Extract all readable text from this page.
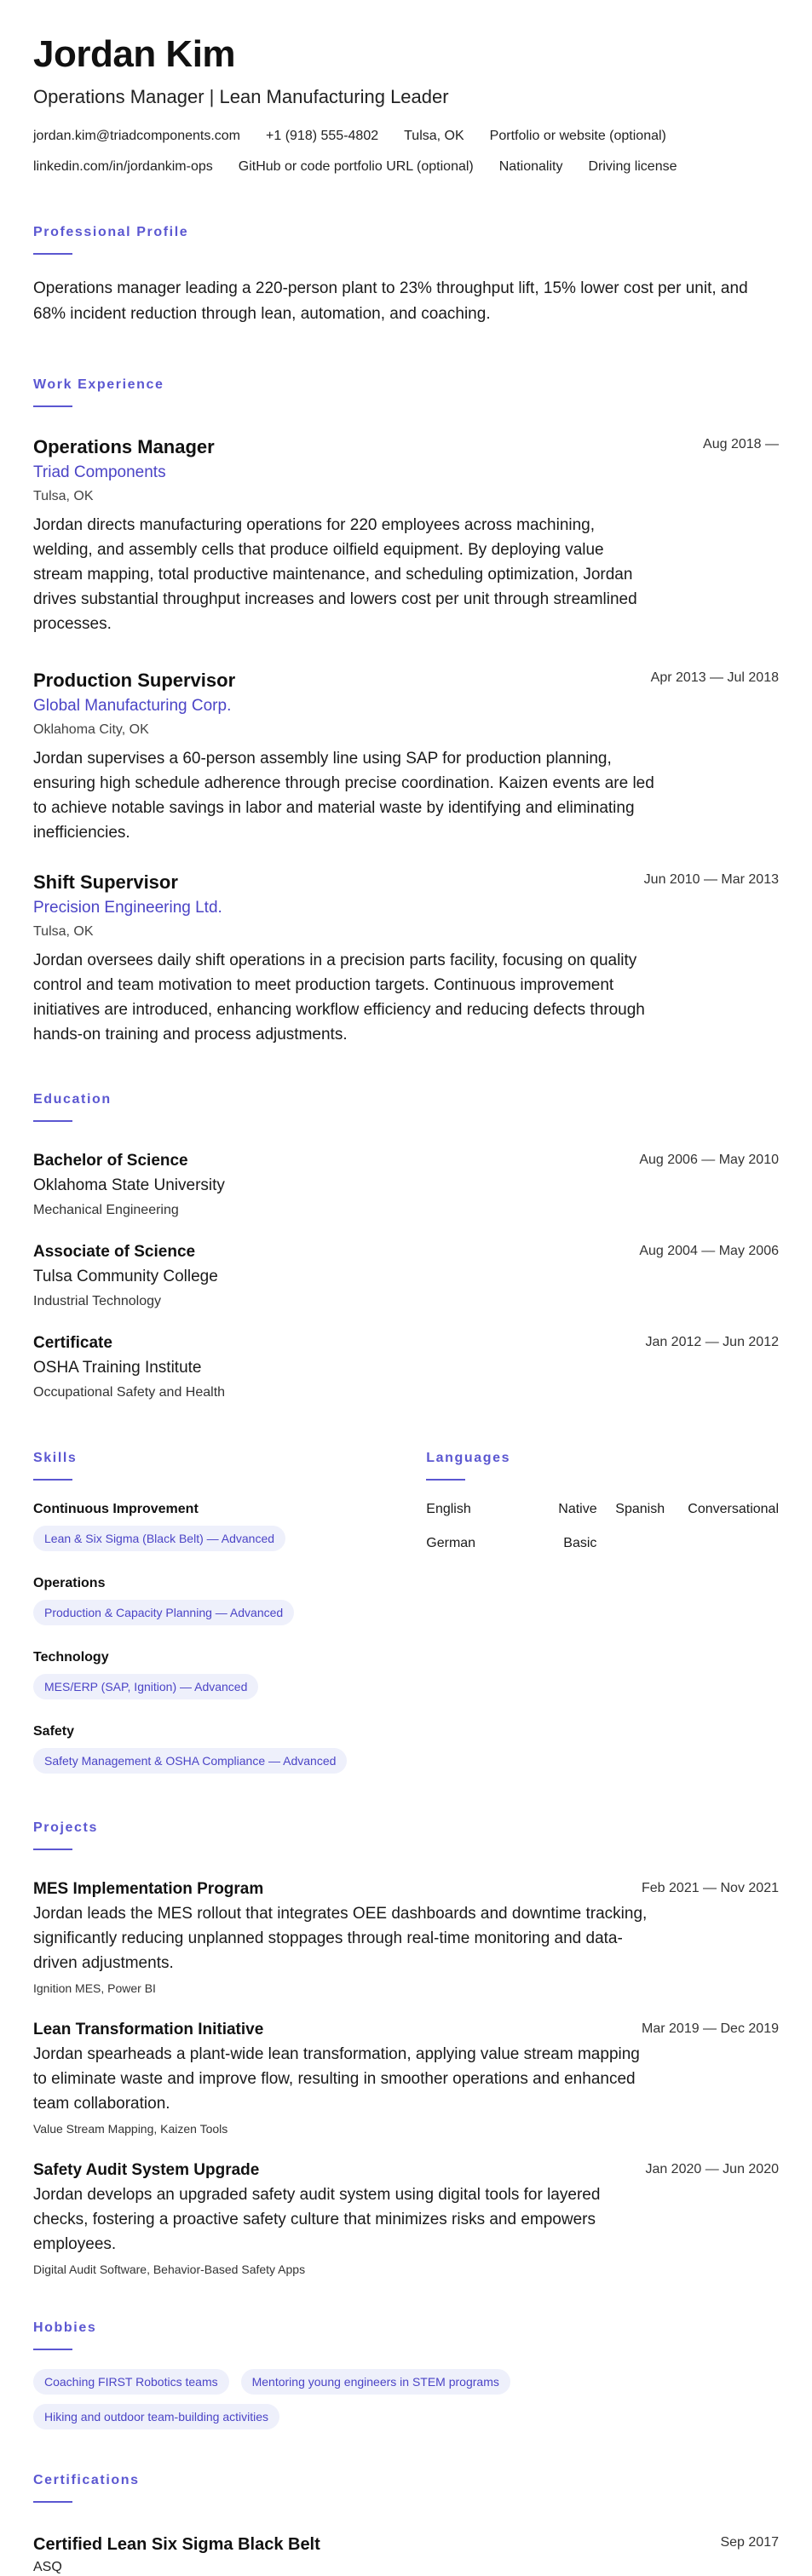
Jordan Kim
Operations Manager | Lean Manufacturing Leader
jordan.kim@triadcomponents.com +1 (918) 555-4802 Tulsa, OK Portfolio or website (optional)
linkedin.com/in/jordankim-ops GitHub or code portfolio URL (optional) Nationality Driving license
Professional Profile
Operations manager leading a 220-person plant to 23% throughput lift, 15% lower cost per unit, and 68% incident reduction through lean, automation, and coaching.
Work Experience
Operations Manager	Aug 2018 —
Triad Components
Tulsa, OK
Jordan directs manufacturing operations for 220 employees across machining, welding, and assembly cells that produce oilfield equipment. By deploying value stream mapping, total productive maintenance, and scheduling optimization, Jordan drives substantial throughput increases and lowers cost per unit through streamlined processes.
Production Supervisor	Apr 2013 — Jul 2018
Global Manufacturing Corp.
Oklahoma City, OK
Jordan supervises a 60-person assembly line using SAP for production planning, ensuring high schedule adherence through precise coordination. Kaizen events are led to achieve notable savings in labor and material waste by identifying and eliminating inefficiencies.
Shift Supervisor	Jun 2010 — Mar 2013
Precision Engineering Ltd.
Tulsa, OK
Jordan oversees daily shift operations in a precision parts facility, focusing on quality control and team motivation to meet production targets. Continuous improvement initiatives are introduced, enhancing workflow efficiency and reducing defects through hands-on training and process adjustments.
Education
Bachelor of Science	Aug 2006 — May 2010
Oklahoma State University
Mechanical Engineering
Associate of Science	Aug 2004 — May 2006
Tulsa Community College
Industrial Technology
Certificate	Jan 2012 — Jun 2012
OSHA Training Institute
Occupational Safety and Health
Skills
Continuous Improvement
Lean & Six Sigma (Black Belt) — Advanced
Operations
Production & Capacity Planning — Advanced
Technology
MES/ERP (SAP, Ignition) — Advanced
Safety
Safety Management & OSHA Compliance — Advanced
Languages
English	Native	Spanish	Conversational
German	Basic
Projects
MES Implementation Program	Feb 2021 — Nov 2021
Jordan leads the MES rollout that integrates OEE dashboards and downtime tracking, significantly reducing unplanned stoppages through real-time monitoring and data-driven adjustments.
Ignition MES, Power BI
Lean Transformation Initiative	Mar 2019 — Dec 2019
Jordan spearheads a plant-wide lean transformation, applying value stream mapping to eliminate waste and improve flow, resulting in smoother operations and enhanced team collaboration.
Value Stream Mapping, Kaizen Tools
Safety Audit System Upgrade	Jan 2020 — Jun 2020
Jordan develops an upgraded safety audit system using digital tools for layered checks, fostering a proactive safety culture that minimizes risks and empowers employees.
Digital Audit Software, Behavior-Based Safety Apps
Hobbies
Coaching FIRST Robotics teams	Mentoring young engineers in STEM programs
Hiking and outdoor team-building activities
Certifications
Certified Lean Six Sigma Black Belt	Sep 2017
ASQ
